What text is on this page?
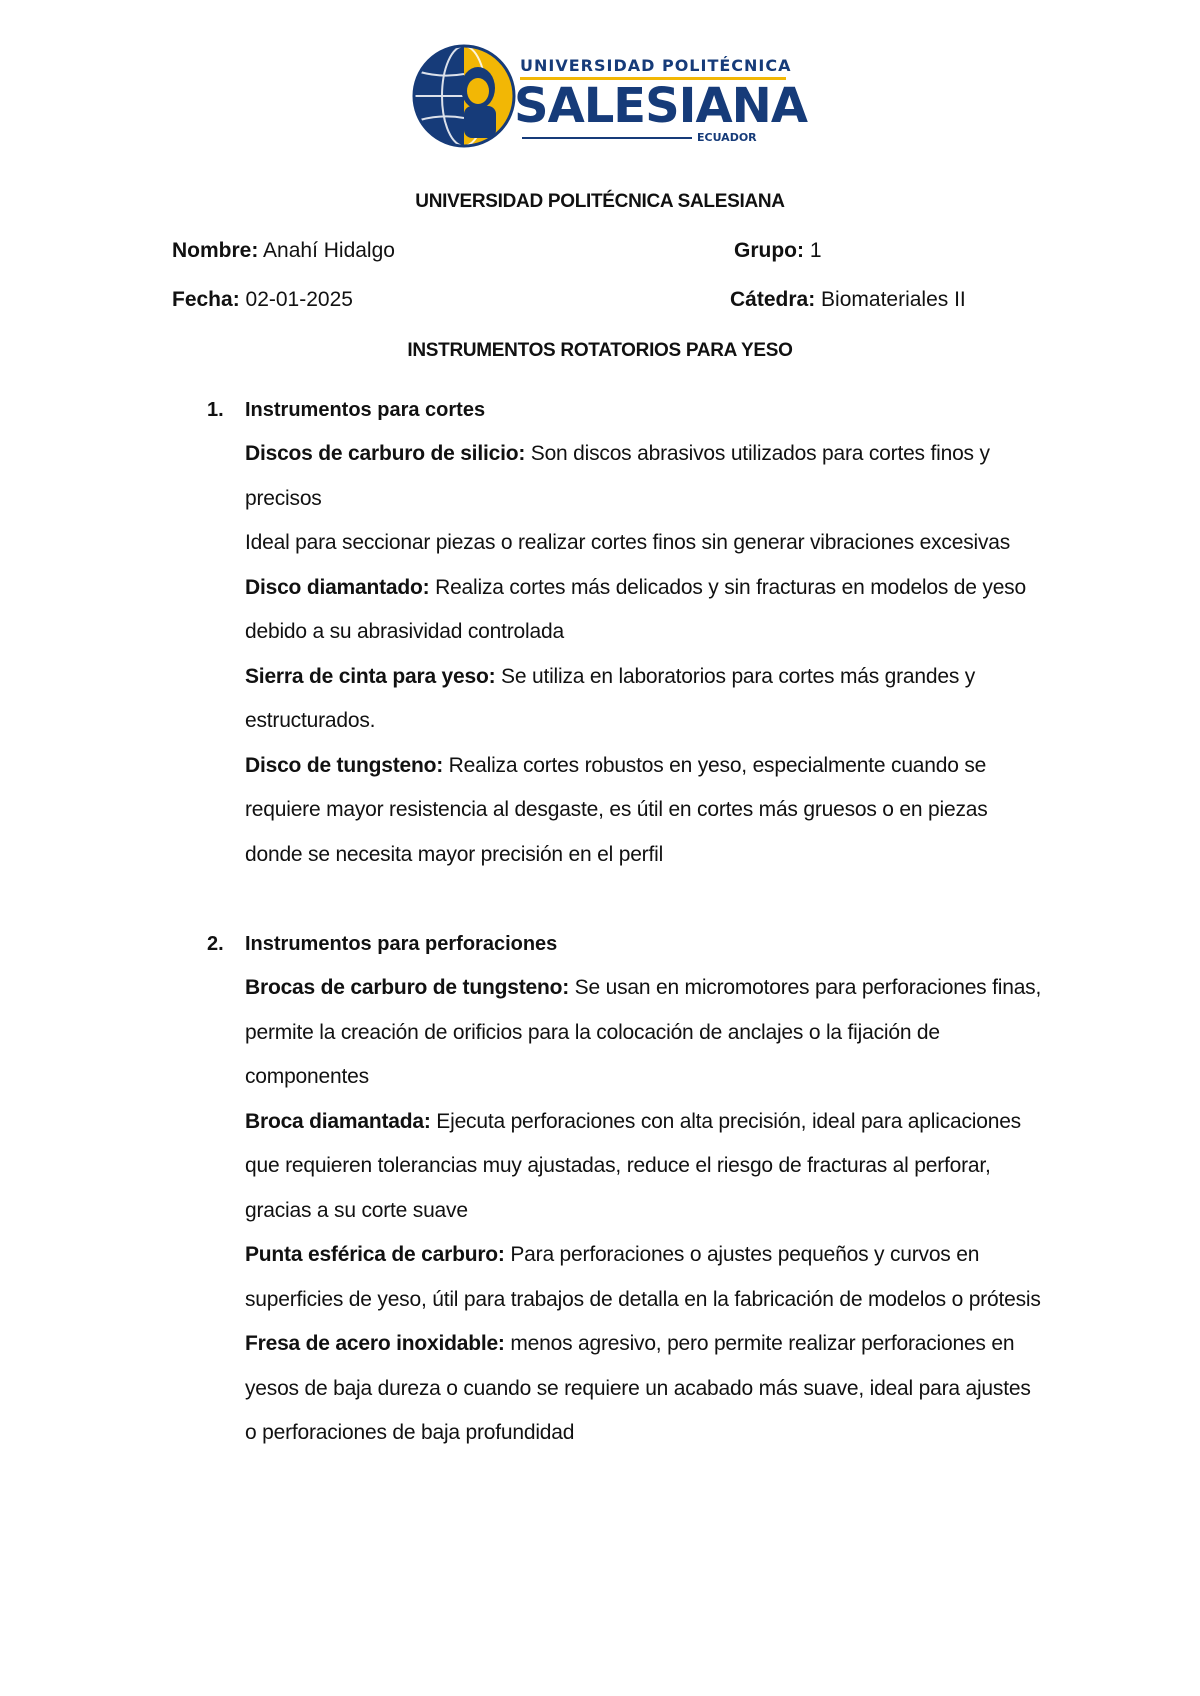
UNIVERSIDAD POLITÉCNICA
SALESIANA
ECUADOR
UNIVERSIDAD POLITÉCNICA SALESIANA
Nombre: Anahí Hidalgo	Grupo: 1
Fecha: 02-01-2025	Cátedra: Biomateriales II
INSTRUMENTOS ROTATORIOS PARA YESO
1. Instrumentos para cortes

Discos de carburo de silicio: Son discos abrasivos utilizados para cortes finos y precisos

Ideal para seccionar piezas o realizar cortes finos sin generar vibraciones excesivas

Disco diamantado: Realiza cortes más delicados y sin fracturas en modelos de yeso debido a su abrasividad controlada

Sierra de cinta para yeso: Se utiliza en laboratorios para cortes más grandes y estructurados.

Disco de tungsteno: Realiza cortes robustos en yeso, especialmente cuando se requiere mayor resistencia al desgaste, es útil en cortes más gruesos o en piezas donde se necesita mayor precisión en el perfil

2. Instrumentos para perforaciones

Brocas de carburo de tungsteno: Se usan en micromotores para perforaciones finas, permite la creación de orificios para la colocación de anclajes o la fijación de componentes

Broca diamantada: Ejecuta perforaciones con alta precisión, ideal para aplicaciones que requieren tolerancias muy ajustadas, reduce el riesgo de fracturas al perforar, gracias a su corte suave

Punta esférica de carburo: Para perforaciones o ajustes pequeños y curvos en superficies de yeso, útil para trabajos de detalla en la fabricación de modelos o prótesis

Fresa de acero inoxidable: menos agresivo, pero permite realizar perforaciones en yesos de baja dureza o cuando se requiere un acabado más suave, ideal para ajustes o perforaciones de baja profundidad
